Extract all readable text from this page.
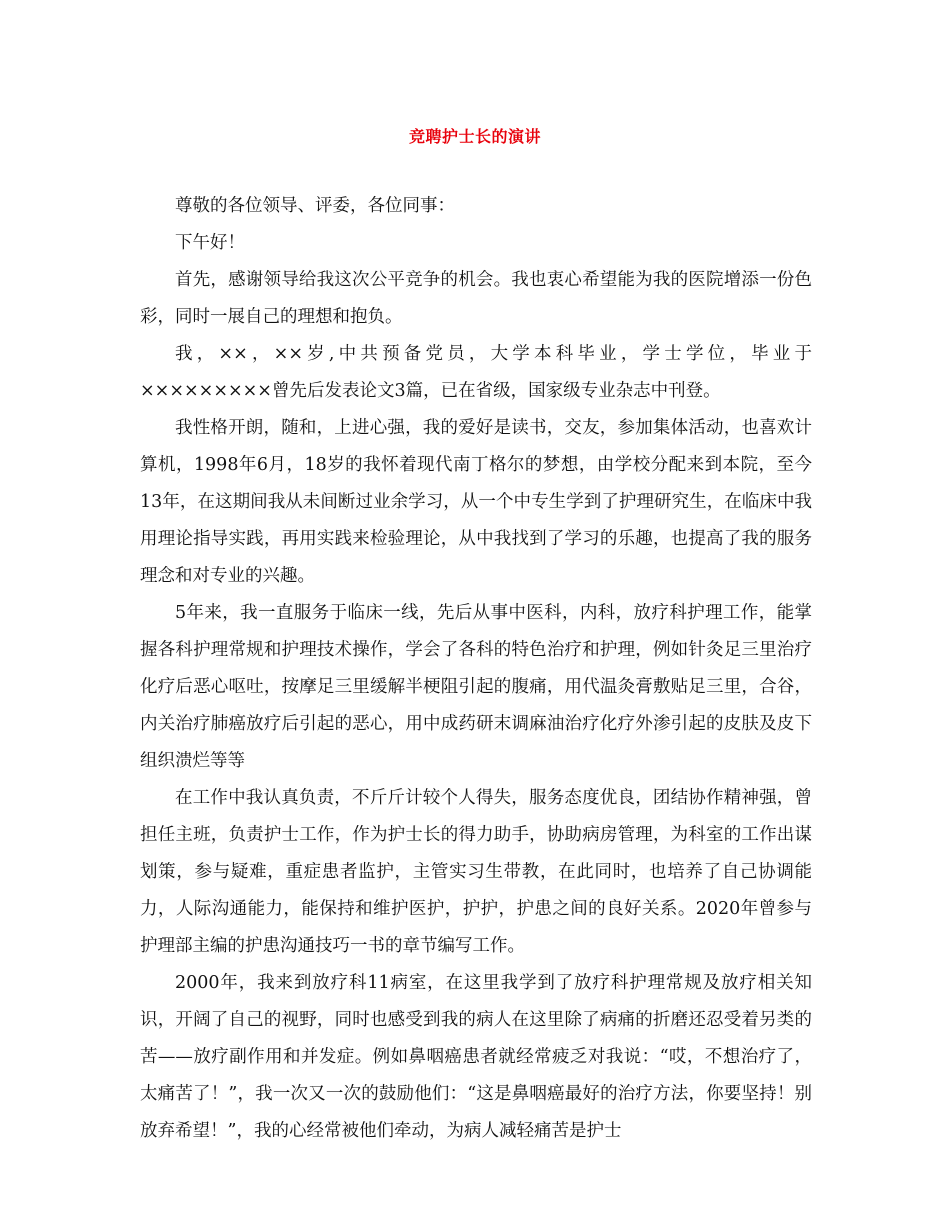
竞聘护士长的演讲

尊敬的各位领导、评委，各位同事：

下午好！

首先，感谢领导给我这次公平竞争的机会。我也衷心希望能为我的医院增添一份色彩，同时一展自己的理想和抱负。

我，××，××岁,中共预备党员，大学本科毕业，学士学位，毕业于×××××××××曾先后发表论文3篇，已在省级，国家级专业杂志中刊登。

我性格开朗，随和，上进心强，我的爱好是读书，交友，参加集体活动，也喜欢计算机，1998年6月，18岁的我怀着现代南丁格尔的梦想，由学校分配来到本院，至今13年，在这期间我从未间断过业余学习，从一个中专生学到了护理研究生，在临床中我用理论指导实践，再用实践来检验理论，从中我找到了学习的乐趣，也提高了我的服务理念和对专业的兴趣。

5年来，我一直服务于临床一线，先后从事中医科，内科，放疗科护理工作，能掌握各科护理常规和护理技术操作，学会了各科的特色治疗和护理，例如针灸足三里治疗化疗后恶心呕吐，按摩足三里缓解半梗阻引起的腹痛，用代温灸膏敷贴足三里，合谷，内关治疗肺癌放疗后引起的恶心，用中成药研末调麻油治疗化疗外渗引起的皮肤及皮下组织溃烂等等

在工作中我认真负责，不斤斤计较个人得失，服务态度优良，团结协作精神强，曾担任主班，负责护士工作，作为护士长的得力助手，协助病房管理，为科室的工作出谋划策，参与疑难，重症患者监护，主管实习生带教，在此同时，也培养了自己协调能力，人际沟通能力，能保持和维护医护，护护，护患之间的良好关系。2020年曾参与护理部主编的护患沟通技巧一书的章节编写工作。

2000年，我来到放疗科11病室，在这里我学到了放疗科护理常规及放疗相关知识，开阔了自己的视野，同时也感受到我的病人在这里除了病痛的折磨还忍受着另类的苦——放疗副作用和并发症。例如鼻咽癌患者就经常疲乏对我说：“哎，不想治疗了，太痛苦了！”，我一次又一次的鼓励他们：“这是鼻咽癌最好的治疗方法，你要坚持！别放弃希望！”，我的心经常被他们牵动，为病人减轻痛苦是护士
